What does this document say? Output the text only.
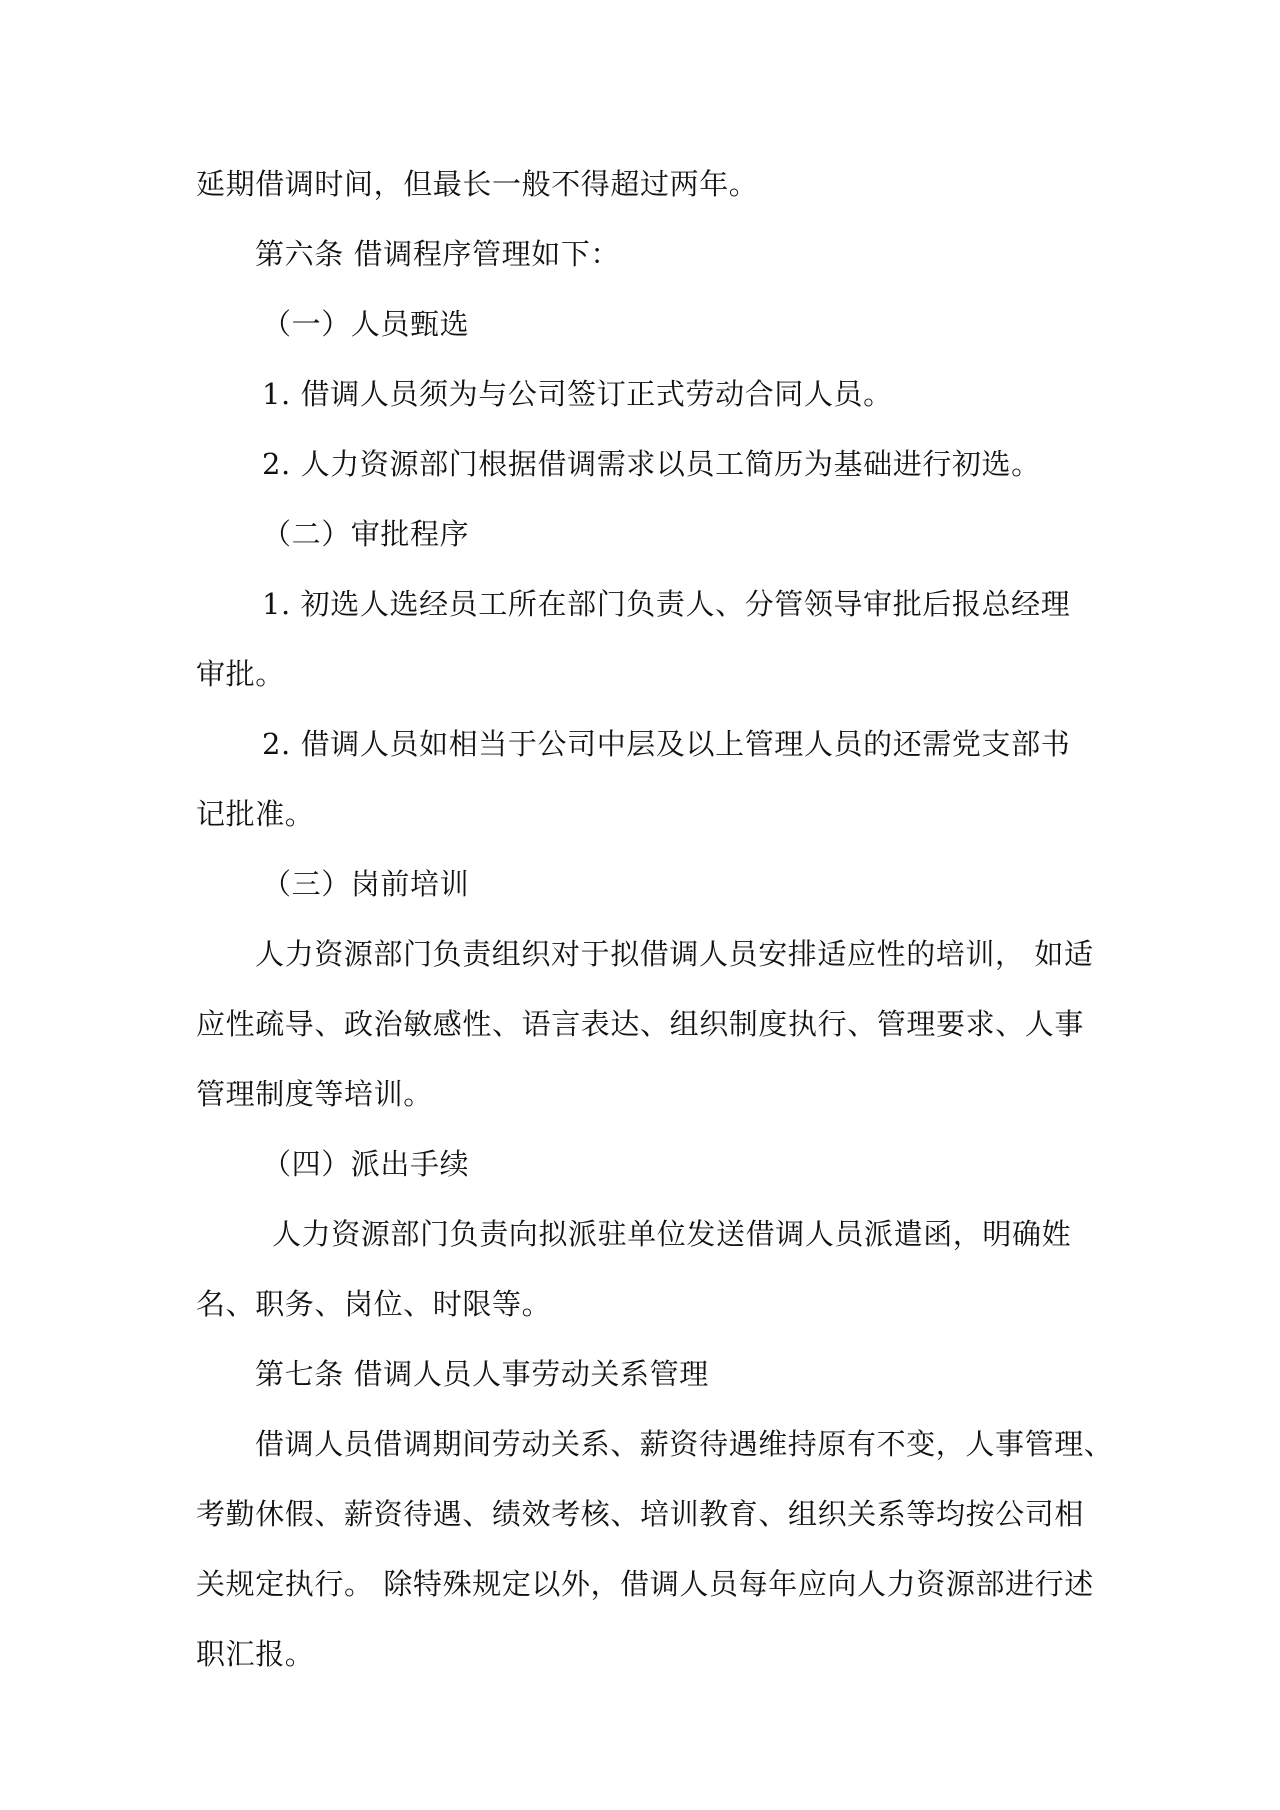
延期借调时间，但最长一般不得超过两年。
第六条 借调程序管理如下：
（一）人员甄选
1. 借调人员须为与公司签订正式劳动合同人员。
2. 人力资源部门根据借调需求以员工简历为基础进行初选。
（二）审批程序
1. 初选人选经员工所在部门负责人、分管领导审批后报总经理
审批。
2. 借调人员如相当于公司中层及以上管理人员的还需党支部书
记批准。
（三）岗前培训
人力资源部门负责组织对于拟借调人员安排适应性的培训， 如适
应性疏导、政治敏感性、语言表达、组织制度执行、管理要求、人事
管理制度等培训。
（四）派出手续
人力资源部门负责向拟派驻单位发送借调人员派遣函，明确姓
名、职务、岗位、时限等。
第七条 借调人员人事劳动关系管理
借调人员借调期间劳动关系、薪资待遇维持原有不变，人事管理、
考勤休假、薪资待遇、绩效考核、培训教育、组织关系等均按公司相
关规定执行。 除特殊规定以外，借调人员每年应向人力资源部进行述
职汇报。
